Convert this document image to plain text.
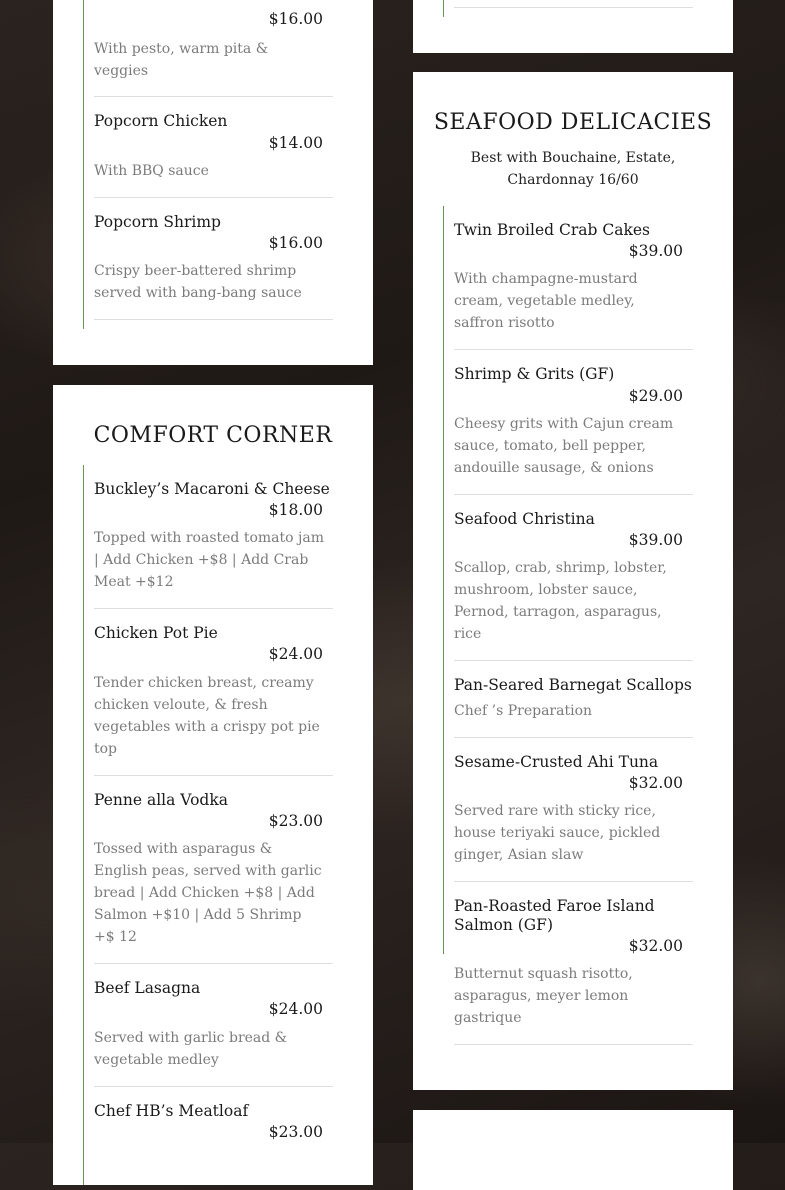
$16.00
With pesto, warm pita & veggies
Popcorn Chicken
$14.00
With BBQ sauce
Popcorn Shrimp
$16.00
Crispy beer-battered shrimp served with bang-bang sauce
COMFORT CORNER
Buckley’s Macaroni & Cheese
$18.00
Topped with roasted tomato jam | Add Chicken +$8 | Add Crab Meat +$12
Chicken Pot Pie
$24.00
Tender chicken breast, creamy chicken veloute, & fresh vegetables with a crispy pot pie top
Penne alla Vodka
$23.00
Tossed with asparagus & English peas, served with garlic bread | Add Chicken +$8 | Add Salmon +$10 | Add 5 Shrimp +$ 12
Beef Lasagna
$24.00
Served with garlic bread & vegetable medley
Chef HB’s Meatloaf
$23.00
SEAFOOD DELICACIES
Best with Bouchaine, Estate, Chardonnay 16/60
Twin Broiled Crab Cakes
$39.00
With champagne-mustard cream, vegetable medley, saffron risotto
Shrimp & Grits (GF)
$29.00
Cheesy grits with Cajun cream sauce, tomato, bell pepper, andouille sausage, & onions
Seafood Christina
$39.00
Scallop, crab, shrimp, lobster, mushroom, lobster sauce, Pernod, tarragon, asparagus, rice
Pan-Seared Barnegat Scallops
Chef ’s Preparation
Sesame-Crusted Ahi Tuna
$32.00
Served rare with sticky rice, house teriyaki sauce, pickled ginger, Asian slaw
Pan-Roasted Faroe Island Salmon (GF)
$32.00
Butternut squash risotto, asparagus, meyer lemon gastrique
